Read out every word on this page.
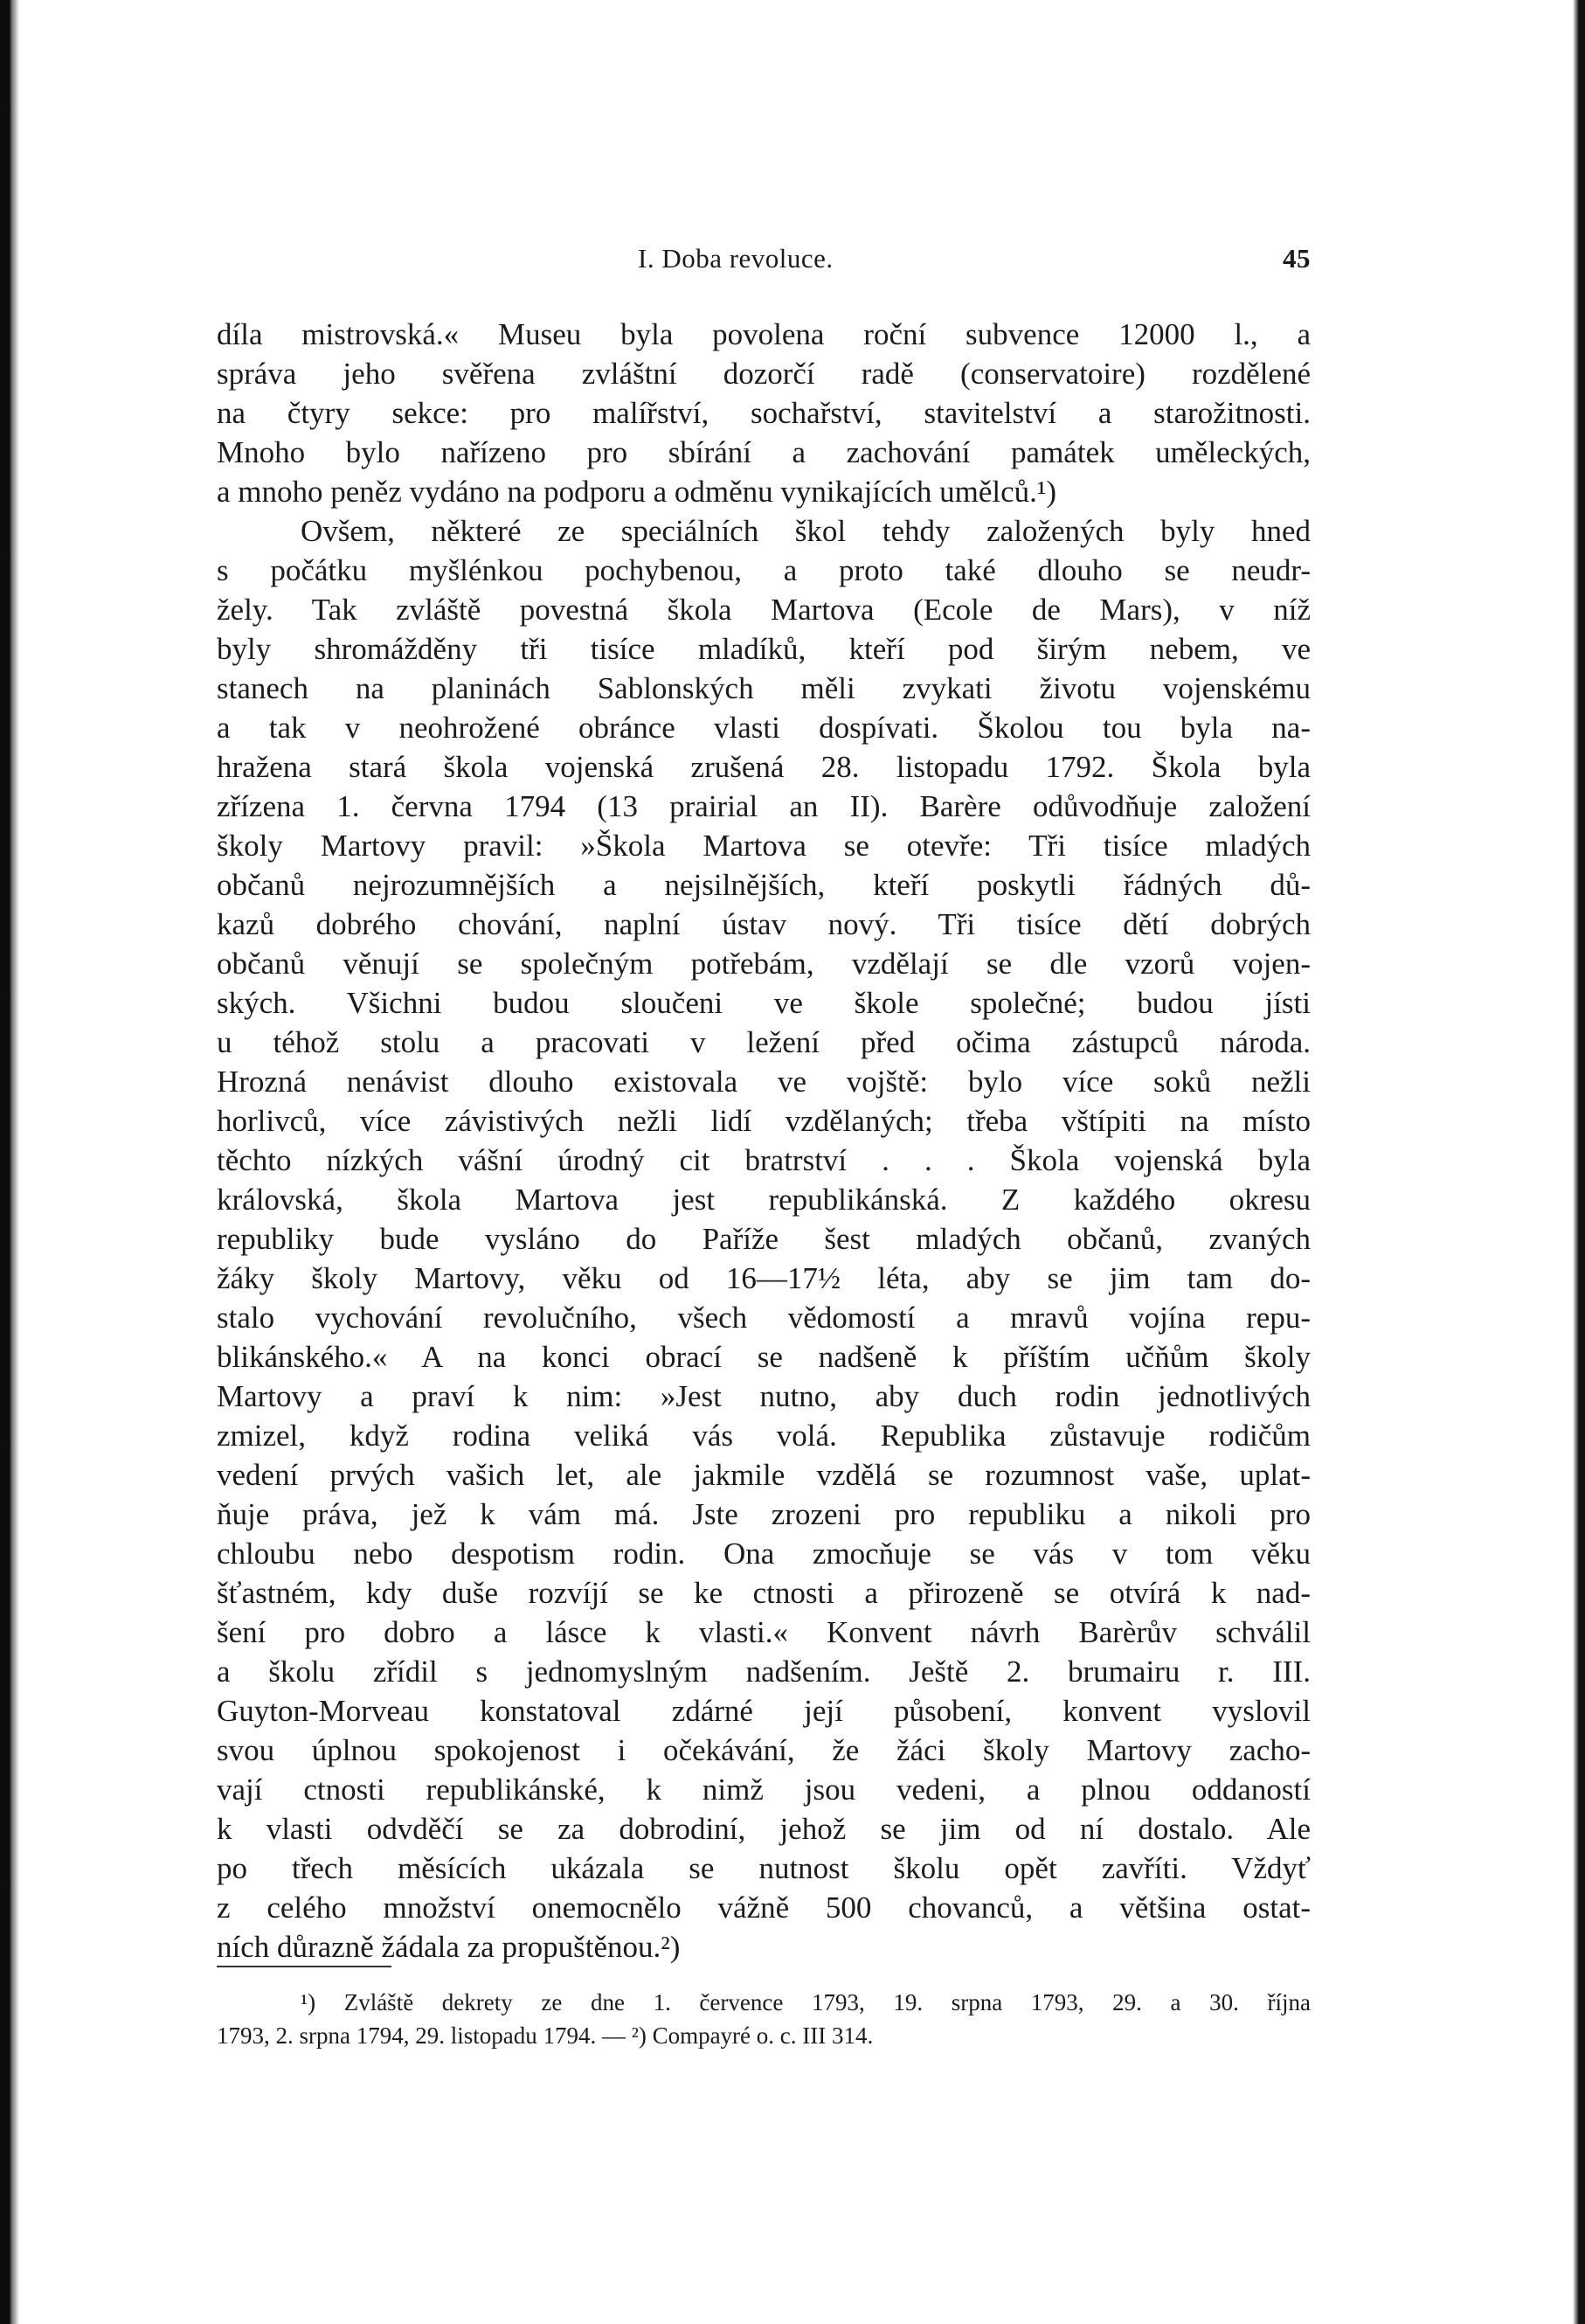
I. Doba revoluce.	45
díla mistrovská.« Museu byla povolena roční subvence 12000 l., a
správa jeho svěřena zvláštní dozorčí radě (conservatoire) rozdělené
na čtyry sekce: pro malířství, sochařství, stavitelství a starožitnosti.
Mnoho bylo nařízeno pro sbírání a zachování památek uměleckých,
a mnoho peněz vydáno na podporu a odměnu vynikajících umělců.¹)
Ovšem, některé ze speciálních škol tehdy založených byly hned
s počátku myšlénkou pochybenou, a proto také dlouho se neudr-
žely. Tak zvláště povestná škola Martova (Ecole de Mars), v níž
byly shromážděny tři tisíce mladíků, kteří pod širým nebem, ve
stanech na planinách Sablonských měli zvykati životu vojenskému
a tak v neohrožené obránce vlasti dospívati. Školou tou byla na-
hražena stará škola vojenská zrušená 28. listopadu 1792. Škola byla
zřízena 1. června 1794 (13 prairial an II). Barère odůvodňuje založení
školy Martovy pravil: »Škola Martova se otevře: Tři tisíce mladých
občanů nejrozumnějších a nejsilnějších, kteří poskytli řádných dů-
kazů dobrého chování, naplní ústav nový. Tři tisíce dětí dobrých
občanů věnují se společným potřebám, vzdělají se dle vzorů vojen-
ských. Všichni budou sloučeni ve škole společné; budou jísti
u téhož stolu a pracovati v ležení před očima zástupců národa.
Hrozná nenávist dlouho existovala ve vojště: bylo více soků nežli
horlivců, více závistivých nežli lidí vzdělaných; třeba vštípiti na místo
těchto nízkých vášní úrodný cit bratrství . . . Škola vojenská byla
královská, škola Martova jest republikánská. Z každého okresu
republiky bude vysláno do Paříže šest mladých občanů, zvaných
žáky školy Martovy, věku od 16—17½ léta, aby se jim tam do-
stalo vychování revolučního, všech vědomostí a mravů vojína repu-
blikánského.« A na konci obrací se nadšeně k příštím učňům školy
Martovy a praví k nim: »Jest nutno, aby duch rodin jednotlivých
zmizel, když rodina veliká vás volá. Republika zůstavuje rodičům
vedení prvých vašich let, ale jakmile vzdělá se rozumnost vaše, uplat-
ňuje práva, jež k vám má. Jste zrozeni pro republiku a nikoli pro
chloubu nebo despotism rodin. Ona zmocňuje se vás v tom věku
šťastném, kdy duše rozvíjí se ke ctnosti a přirozeně se otvírá k nad-
šení pro dobro a lásce k vlasti.« Konvent návrh Barèrův schválil
a školu zřídil s jednomyslným nadšením. Ještě 2. brumairu r. III.
Guyton-Morveau konstatoval zdárné její působení, konvent vyslovil
svou úplnou spokojenost i očekávání, že žáci školy Martovy zacho-
vají ctnosti republikánské, k nimž jsou vedeni, a plnou oddaností
k vlasti odvděčí se za dobrodiní, jehož se jim od ní dostalo. Ale
po třech měsících ukázala se nutnost školu opět zavříti. Vždyť
z celého množství onemocnělo vážně 500 chovanců, a většina ostat-
ních důrazně žádala za propuštěnou.²)
¹) Zvláště dekrety ze dne 1. července 1793, 19. srpna 1793, 29. a 30. října
1793, 2. srpna 1794, 29. listopadu 1794. — ²) Compayré o. c. III 314.
